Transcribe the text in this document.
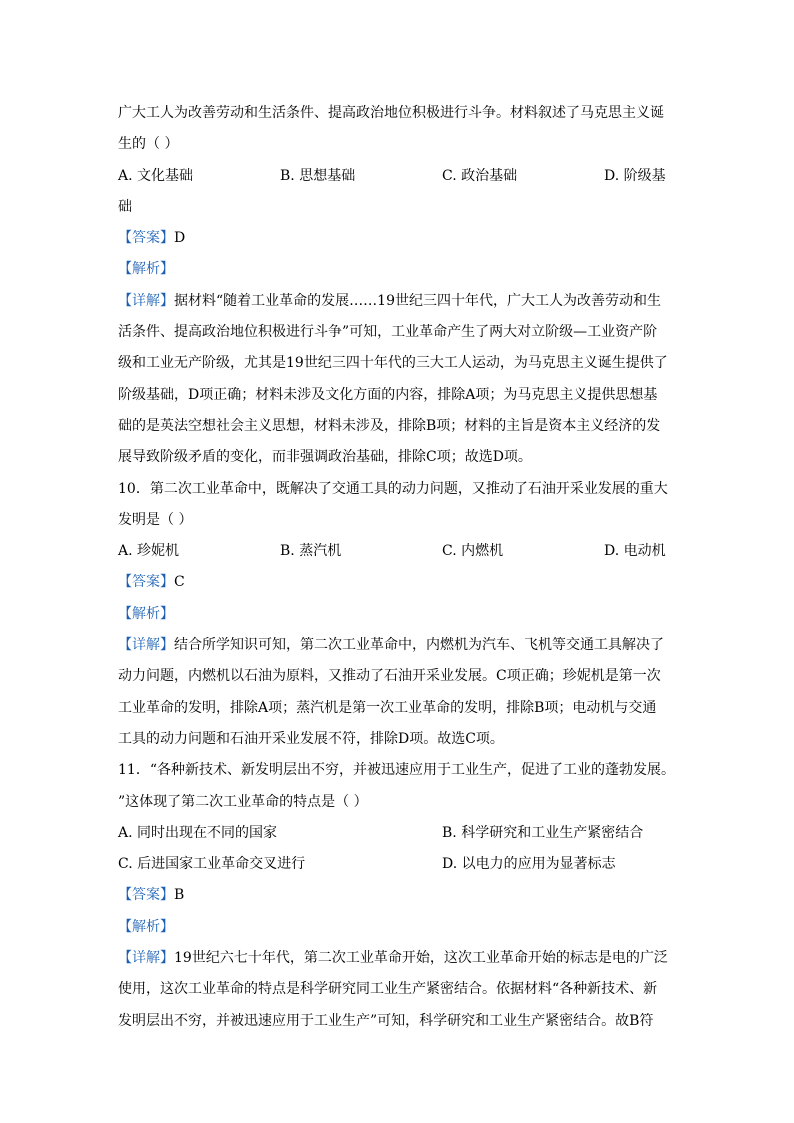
广大工人为改善劳动和生活条件、提高政治地位积极进行斗争。材料叙述了马克思主义诞
生的（ ）
A. 文化基础	B. 思想基础	C. 政治基础	D. 阶级基
础
【答案】D
【解析】
【详解】据材料“随着工业革命的发展……19世纪三四十年代，广大工人为改善劳动和生
活条件、提高政治地位积极进行斗争”可知，工业革命产生了两大对立阶级—工业资产阶
级和工业无产阶级，尤其是19世纪三四十年代的三大工人运动，为马克思主义诞生提供了
阶级基础，D项正确；材料未涉及文化方面的内容，排除A项；为马克思主义提供思想基
础的是英法空想社会主义思想，材料未涉及，排除B项；材料的主旨是资本主义经济的发
展导致阶级矛盾的变化，而非强调政治基础，排除C项；故选D项。
10．第二次工业革命中，既解决了交通工具的动力问题，又推动了石油开采业发展的重大
发明是（ ）
A. 珍妮机	B. 蒸汽机	C. 内燃机	D. 电动机
【答案】C
【解析】
【详解】结合所学知识可知，第二次工业革命中，内燃机为汽车、飞机等交通工具解决了
动力问题，内燃机以石油为原料，又推动了石油开采业发展。C项正确；珍妮机是第一次
工业革命的发明，排除A项；蒸汽机是第一次工业革命的发明，排除B项；电动机与交通
工具的动力问题和石油开采业发展不符，排除D项。故选C项。
11．“各种新技术、新发明层出不穷，并被迅速应用于工业生产，促进了工业的蓬勃发展。
”这体现了第二次工业革命的特点是（ ）
A. 同时出现在不同的国家	B. 科学研究和工业生产紧密结合
C. 后进国家工业革命交叉进行	D. 以电力的应用为显著标志
【答案】B
【解析】
【详解】19世纪六七十年代，第二次工业革命开始，这次工业革命开始的标志是电的广泛
使用，这次工业革命的特点是科学研究同工业生产紧密结合。依据材料“各种新技术、新
发明层出不穷，并被迅速应用于工业生产”可知，科学研究和工业生产紧密结合。故B符
